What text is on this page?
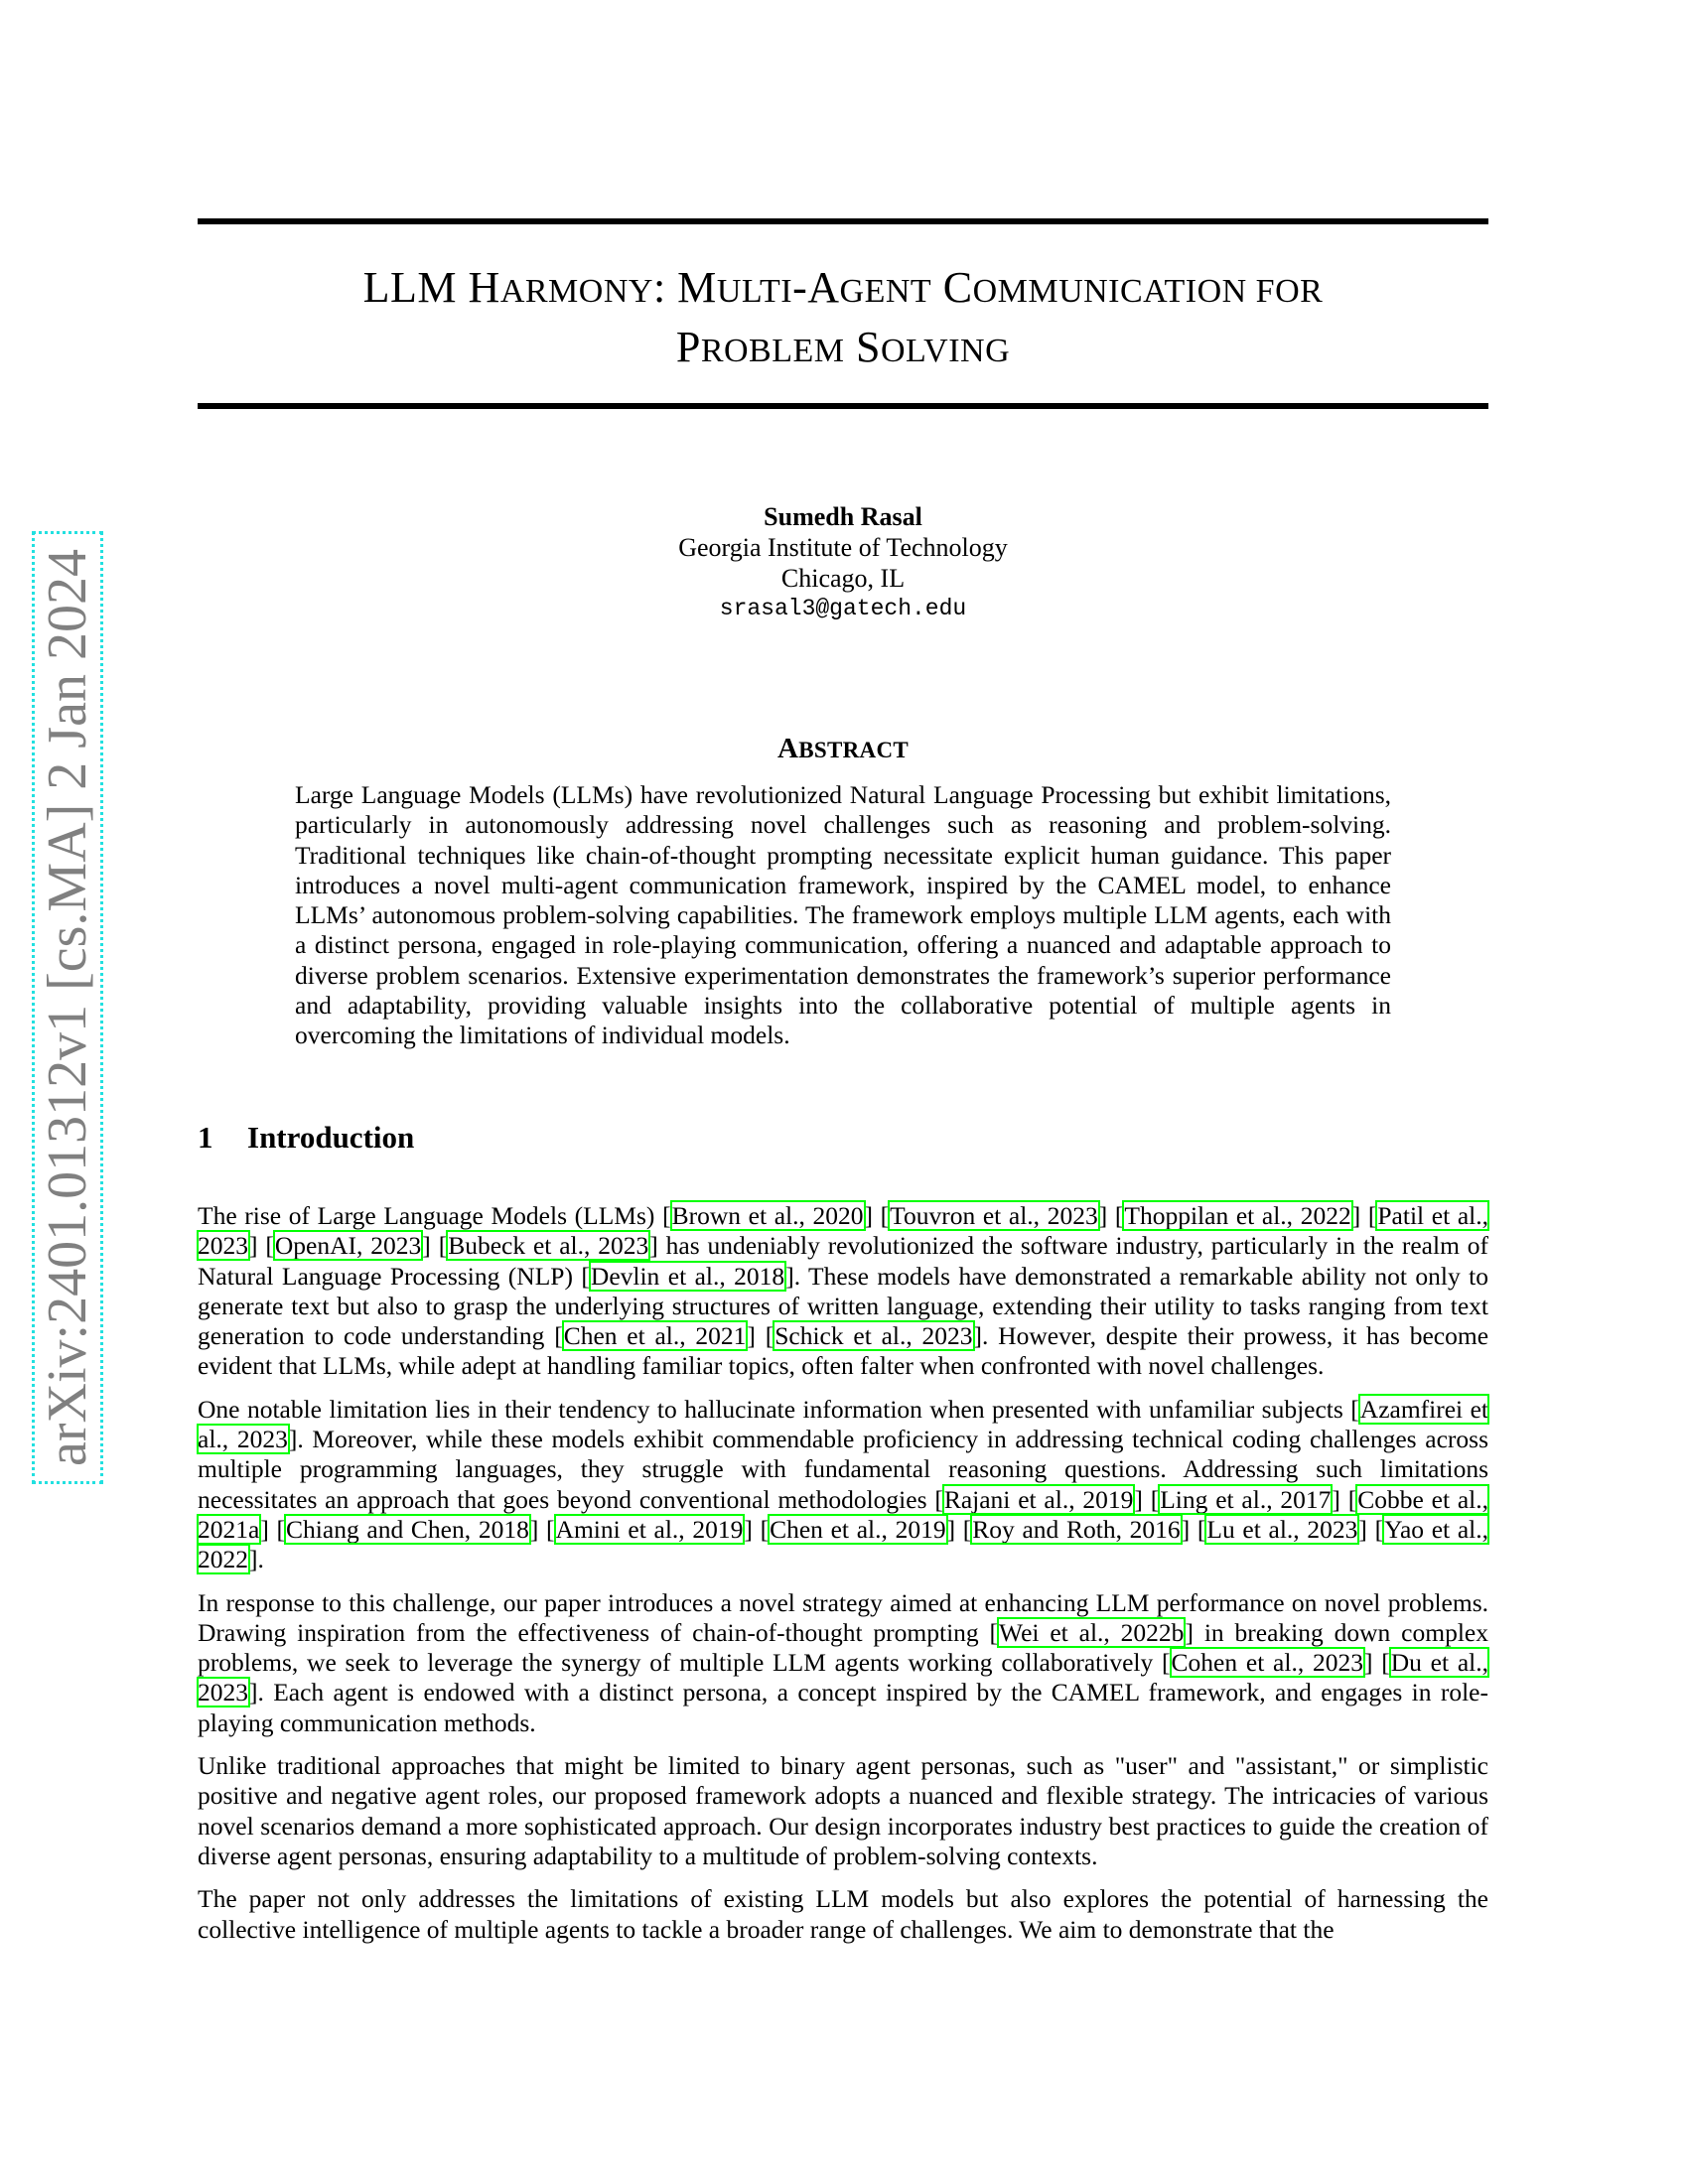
arXiv:2401.01312v1 [cs.MA] 2 Jan 2024
LLM HARMONY: MULTI-AGENT COMMUNICATION FOR
PROBLEM SOLVING
Sumedh Rasal
Georgia Institute of Technology
Chicago, IL
srasal3@gatech.edu
ABSTRACT
Large Language Models (LLMs) have revolutionized Natural Language Processing but exhibit limitations, particularly in autonomously addressing novel challenges such as reasoning and problem-solving. Traditional techniques like chain-of-thought prompting necessitate explicit human guidance. This paper introduces a novel multi-agent communication framework, inspired by the CAMEL model, to enhance LLMs’ autonomous problem-solving capabilities. The framework employs multiple LLM agents, each with a distinct persona, engaged in role-playing communication, offering a nuanced and adaptable approach to diverse problem scenarios. Extensive experimentation demonstrates the framework’s superior performance and adaptability, providing valuable insights into the collaborative potential of multiple agents in overcoming the limitations of individual models.
1 Introduction

The rise of Large Language Models (LLMs) [Brown et al., 2020] [Touvron et al., 2023] [Thoppilan et al., 2022] [Patil et al., 2023] [OpenAI, 2023] [Bubeck et al., 2023] has undeniably revolutionized the software industry, particularly in the realm of Natural Language Processing (NLP) [Devlin et al., 2018]. These models have demonstrated a remarkable ability not only to generate text but also to grasp the underlying structures of written language, extending their utility to tasks ranging from text generation to code understanding [Chen et al., 2021] [Schick et al., 2023]. However, despite their prowess, it has become evident that LLMs, while adept at handling familiar topics, often falter when confronted with novel challenges.

One notable limitation lies in their tendency to hallucinate information when presented with unfamiliar subjects [Azamfirei et al., 2023]. Moreover, while these models exhibit commendable proficiency in addressing technical coding challenges across multiple programming languages, they struggle with fundamental reasoning questions. Addressing such limitations necessitates an approach that goes beyond conventional methodologies [Rajani et al., 2019] [Ling et al., 2017] [Cobbe et al., 2021a] [Chiang and Chen, 2018] [Amini et al., 2019] [Chen et al., 2019] [Roy and Roth, 2016] [Lu et al., 2023] [Yao et al., 2022].

In response to this challenge, our paper introduces a novel strategy aimed at enhancing LLM performance on novel problems. Drawing inspiration from the effectiveness of chain-of-thought prompting [Wei et al., 2022b] in breaking down complex problems, we seek to leverage the synergy of multiple LLM agents working collaboratively [Cohen et al., 2023] [Du et al., 2023]. Each agent is endowed with a distinct persona, a concept inspired by the CAMEL framework, and engages in role-playing communication methods.

Unlike traditional approaches that might be limited to binary agent personas, such as "user" and "assistant," or simplistic positive and negative agent roles, our proposed framework adopts a nuanced and flexible strategy. The intricacies of various novel scenarios demand a more sophisticated approach. Our design incorporates industry best practices to guide the creation of diverse agent personas, ensuring adaptability to a multitude of problem-solving contexts.

The paper not only addresses the limitations of existing LLM models but also explores the potential of harnessing the collective intelligence of multiple agents to tackle a broader range of challenges. We aim to demonstrate that the
